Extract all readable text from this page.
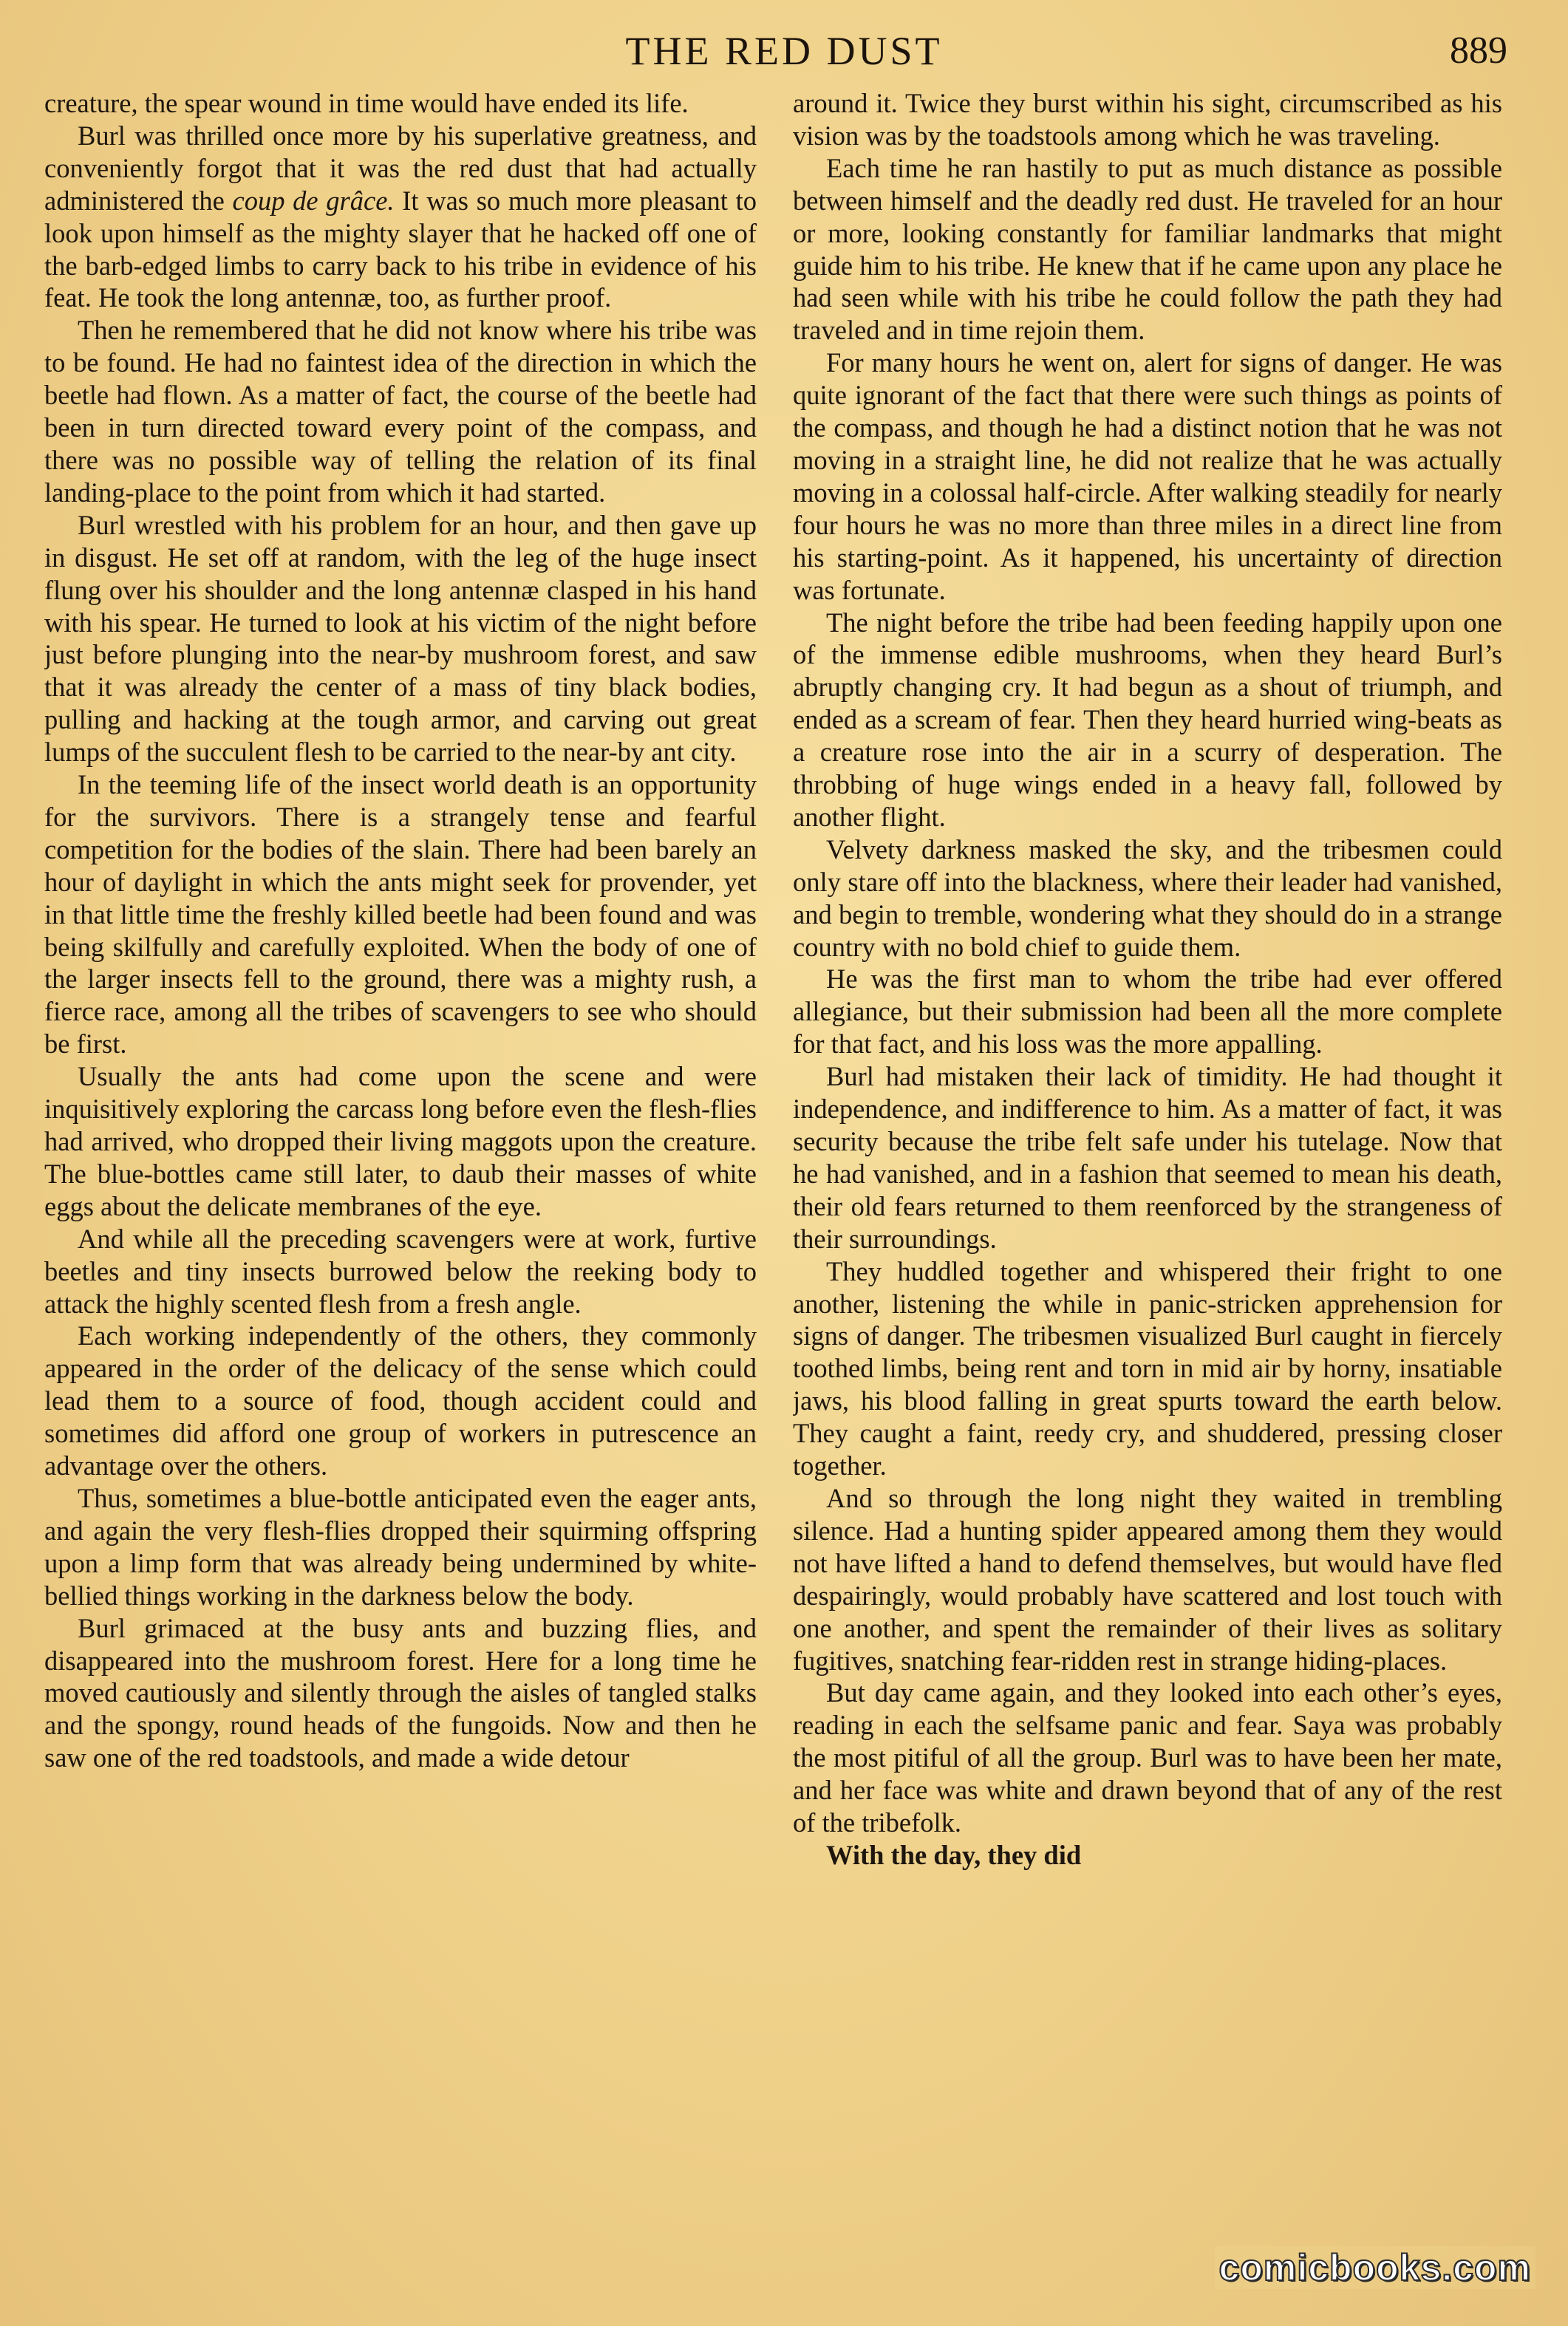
THE RED DUST	889

creature, the spear wound in time would have ended its life.

Burl was thrilled once more by his superlative greatness, and conveniently forgot that it was the red dust that had actually administered the coup de grâce. It was so much more pleasant to look upon himself as the mighty slayer that he hacked off one of the barb-edged limbs to carry back to his tribe in evidence of his feat. He took the long antennæ, too, as further proof.

Then he remembered that he did not know where his tribe was to be found. He had no faintest idea of the direction in which the beetle had flown. As a matter of fact, the course of the beetle had been in turn directed toward every point of the compass, and there was no possible way of telling the relation of its final landing-place to the point from which it had started.

Burl wrestled with his problem for an hour, and then gave up in disgust. He set off at random, with the leg of the huge insect flung over his shoulder and the long antennæ clasped in his hand with his spear. He turned to look at his victim of the night before just before plunging into the near-by mushroom forest, and saw that it was already the center of a mass of tiny black bodies, pulling and hacking at the tough armor, and carving out great lumps of the succulent flesh to be carried to the near-by ant city.

In the teeming life of the insect world death is an opportunity for the survivors. There is a strangely tense and fearful competition for the bodies of the slain. There had been barely an hour of daylight in which the ants might seek for provender, yet in that little time the freshly killed beetle had been found and was being skilfully and carefully exploited. When the body of one of the larger insects fell to the ground, there was a mighty rush, a fierce race, among all the tribes of scavengers to see who should be first.

Usually the ants had come upon the scene and were inquisitively exploring the carcass long before even the flesh-flies had arrived, who dropped their living maggots upon the creature. The blue-bottles came still later, to daub their masses of white eggs about the delicate membranes of the eye.

And while all the preceding scavengers were at work, furtive beetles and tiny insects burrowed below the reeking body to attack the highly scented flesh from a fresh angle.

Each working independently of the others, they commonly appeared in the order of the delicacy of the sense which could lead them to a source of food, though accident could and sometimes did afford one group of workers in putrescence an advantage over the others.

Thus, sometimes a blue-bottle anticipated even the eager ants, and again the very flesh-flies dropped their squirming offspring upon a limp form that was already being undermined by white-bellied things working in the darkness below the body.

Burl grimaced at the busy ants and buzzing flies, and disappeared into the mushroom forest. Here for a long time he moved cautiously and silently through the aisles of tangled stalks and the spongy, round heads of the fungoids. Now and then he saw one of the red toadstools, and made a wide detour

around it. Twice they burst within his sight, circumscribed as his vision was by the toadstools among which he was traveling.

Each time he ran hastily to put as much distance as possible between himself and the deadly red dust. He traveled for an hour or more, looking constantly for familiar landmarks that might guide him to his tribe. He knew that if he came upon any place he had seen while with his tribe he could follow the path they had traveled and in time rejoin them.

For many hours he went on, alert for signs of danger. He was quite ignorant of the fact that there were such things as points of the compass, and though he had a distinct notion that he was not moving in a straight line, he did not realize that he was actually moving in a colossal half-circle. After walking steadily for nearly four hours he was no more than three miles in a direct line from his starting-point. As it happened, his uncertainty of direction was fortunate.

The night before the tribe had been feeding happily upon one of the immense edible mushrooms, when they heard Burl’s abruptly changing cry. It had begun as a shout of triumph, and ended as a scream of fear. Then they heard hurried wing-beats as a creature rose into the air in a scurry of desperation. The throbbing of huge wings ended in a heavy fall, followed by another flight.

Velvety darkness masked the sky, and the tribesmen could only stare off into the blackness, where their leader had vanished, and begin to tremble, wondering what they should do in a strange country with no bold chief to guide them.

He was the first man to whom the tribe had ever offered allegiance, but their submission had been all the more complete for that fact, and his loss was the more appalling.

Burl had mistaken their lack of timidity. He had thought it independence, and indifference to him. As a matter of fact, it was security because the tribe felt safe under his tutelage. Now that he had vanished, and in a fashion that seemed to mean his death, their old fears returned to them reenforced by the strangeness of their surroundings.

They huddled together and whispered their fright to one another, listening the while in panic-stricken apprehension for signs of danger. The tribesmen visualized Burl caught in fiercely toothed limbs, being rent and torn in mid air by horny, insatiable jaws, his blood falling in great spurts toward the earth below. They caught a faint, reedy cry, and shuddered, pressing closer together.

And so through the long night they waited in trembling silence. Had a hunting spider appeared among them they would not have lifted a hand to defend themselves, but would have fled despairingly, would probably have scattered and lost touch with one another, and spent the remainder of their lives as solitary fugitives, snatching fear-ridden rest in strange hiding-places.

But day came again, and they looked into each other’s eyes, reading in each the selfsame panic and fear. Saya was probably the most pitiful of all the group. Burl was to have been her mate, and her face was white and drawn beyond that of any of the rest of the tribefolk.

With the day, they did

comicbooks.com
